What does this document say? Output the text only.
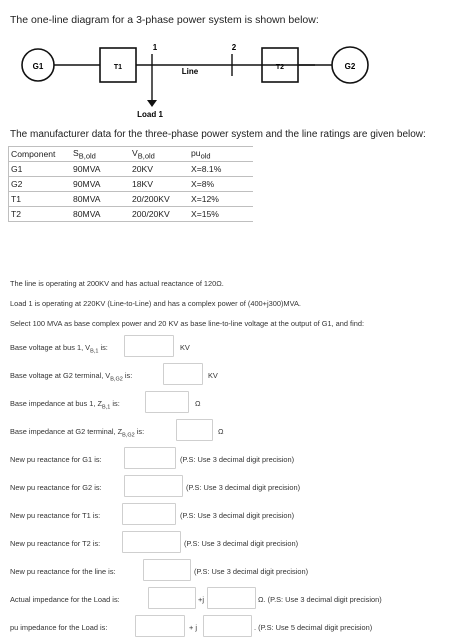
The one-line diagram for a 3-phase power system is shown below:
G1	T1
1
Load 1
Line
2
T2	G2
The manufacturer data for the three-phase power system and the line ratings are given below:
Component	$S_{B,old}$	$V_{B,old}$	$pu_{old}$
G1	90MVA	20KV	X=8.1%
G2	90MVA	18KV	X=8%
T1	80MVA	20/200KV	X=12%
T2	80MVA	200/20KV	X=15%
The line is operating at 200KV and has actual reactance of 120Ω.
Load 1 is operating at 220KV (Line-to-Line) and has a complex power of (400+j300)MVA.
Select 100 MVA as base complex power and 20 KV as base line-to-line voltage at the output of G1, and find:
Base voltage at bus 1, $V_{B,1}$ is:	KV
Base voltage at G2 terminal, $V_{B,G2}$ is:	KV
Base impedance at bus 1, $Z_{B,1}$ is:	Ω
Base impedance at G2 terminal, $Z_{B,G2}$ is:	Ω
New pu reactance for G1 is:	(P.S: Use 3 decimal digit precision)
New pu reactance for G2 is:	(P.S: Use 3 decimal digit precision)
New pu reactance for T1 is:	(P.S: Use 3 decimal digit precision)
New pu reactance for T2 is:	(P.S: Use 3 decimal digit precision)
New pu reactance for the line is:	(P.S: Use 3 decimal digit precision)
Actual impedance for the Load is:	+j	Ω. (P.S: Use 3 decimal digit precision)
pu impedance for the Load is:	+ j	. (P.S: Use 5 decimal digit precision)
